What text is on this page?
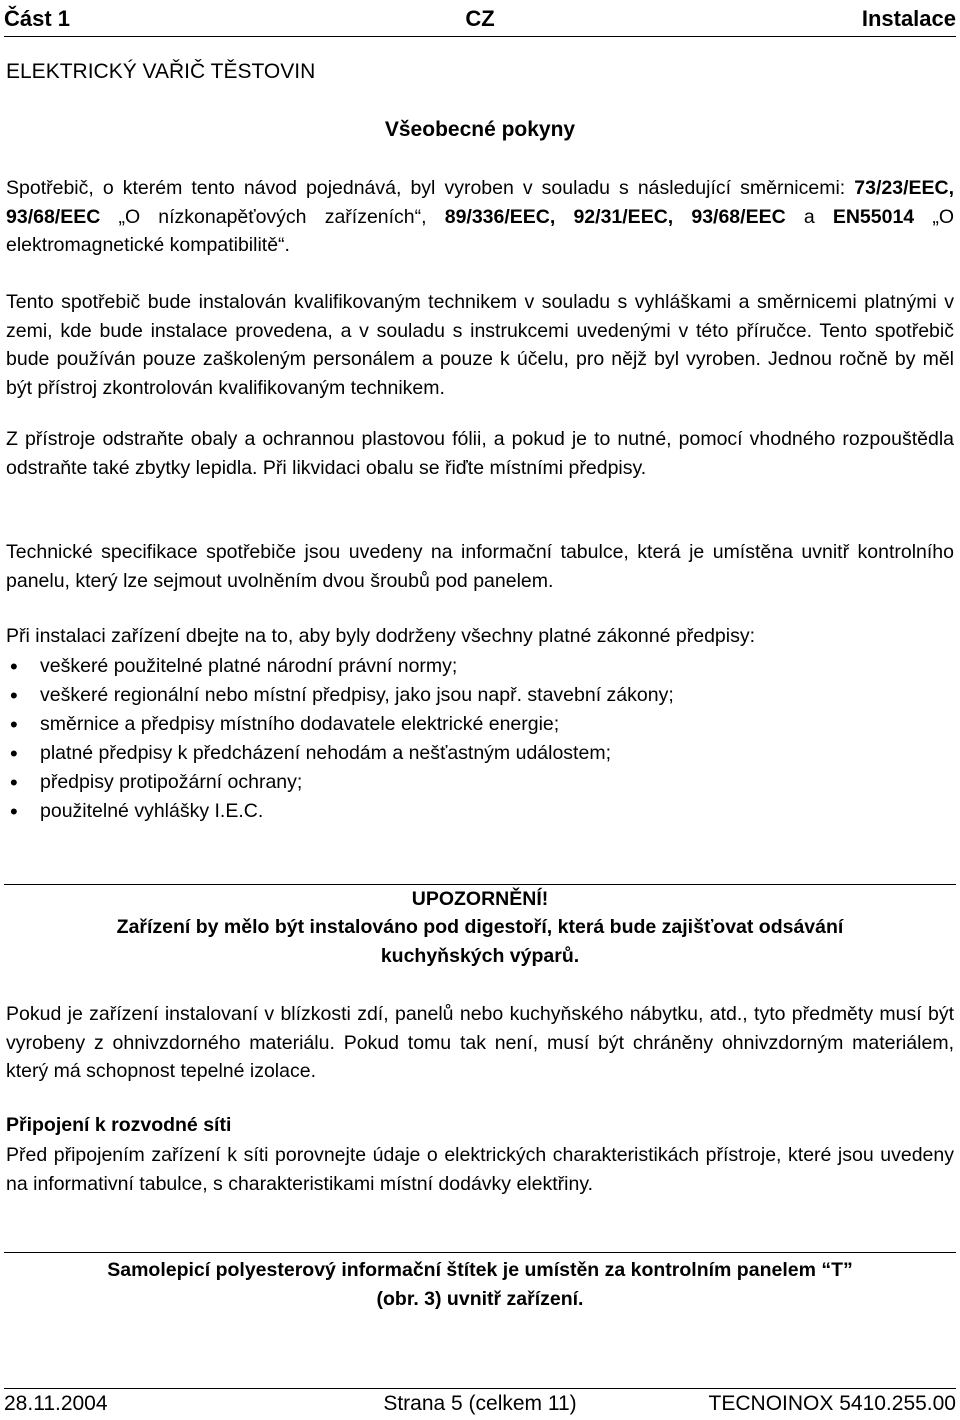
Část 1	CZ	Instalace
ELEKTRICKÝ VAŘIČ TĚSTOVIN
Všeobecné pokyny

Spotřebič, o kterém tento návod pojednává, byl vyroben v souladu s následující směrnicemi: 73/23/EEC, 93/68/EEC „O nízkonapěťových zařízeních“, 89/336/EEC, 92/31/EEC, 93/68/EEC a EN55014 „O elektromagnetické kompatibilitě“.

Tento spotřebič bude instalován kvalifikovaným technikem v souladu s vyhláškami a směrnicemi platnými v zemi, kde bude instalace provedena, a v souladu s instrukcemi uvedenými v této příručce. Tento spotřebič bude používán pouze zaškoleným personálem a pouze k účelu, pro nějž byl vyroben. Jednou ročně by měl být přístroj zkontrolován kvalifikovaným technikem.

Z přístroje odstraňte obaly a ochrannou plastovou fólii, a pokud je to nutné, pomocí vhodného rozpouštědla odstraňte také zbytky lepidla. Při likvidaci obalu se řiďte místními předpisy.

Technické specifikace spotřebiče jsou uvedeny na informační tabulce, která je umístěna uvnitř kontrolního panelu, který lze sejmout uvolněním dvou šroubů pod panelem.

Při instalaci zařízení dbejte na to, aby byly dodrženy všechny platné zákonné předpisy:

• veškeré použitelné platné národní právní normy;
• veškeré regionální nebo místní předpisy, jako jsou např. stavební zákony;
• směrnice a předpisy místního dodavatele elektrické energie;
• platné předpisy k předcházení nehodám a nešťastným událostem;
• předpisy protipožární ochrany;
• použitelné vyhlášky I.E.C.
UPOZORNĚNÍ!
Zařízení by mělo být instalováno pod digestoří, která bude zajišťovat odsávání
kuchyňských výparů.

Pokud je zařízení instalovaní v blízkosti zdí, panelů nebo kuchyňského nábytku, atd., tyto předměty musí být vyrobeny z ohnivzdorného materiálu. Pokud tomu tak není, musí být chráněny ohnivzdorným materiálem, který má schopnost tepelné izolace.

Připojení k rozvodné síti

Před připojením zařízení k síti porovnejte údaje o elektrických charakteristikách přístroje, které jsou uvedeny na informativní tabulce, s charakteristikami místní dodávky elektřiny.

Samolepicí polyesterový informační štítek je umístěn za kontrolním panelem “T”
(obr. 3) uvnitř zařízení.
28.11.2004	Strana 5 (celkem 11)	TECNOINOX 5410.255.00
